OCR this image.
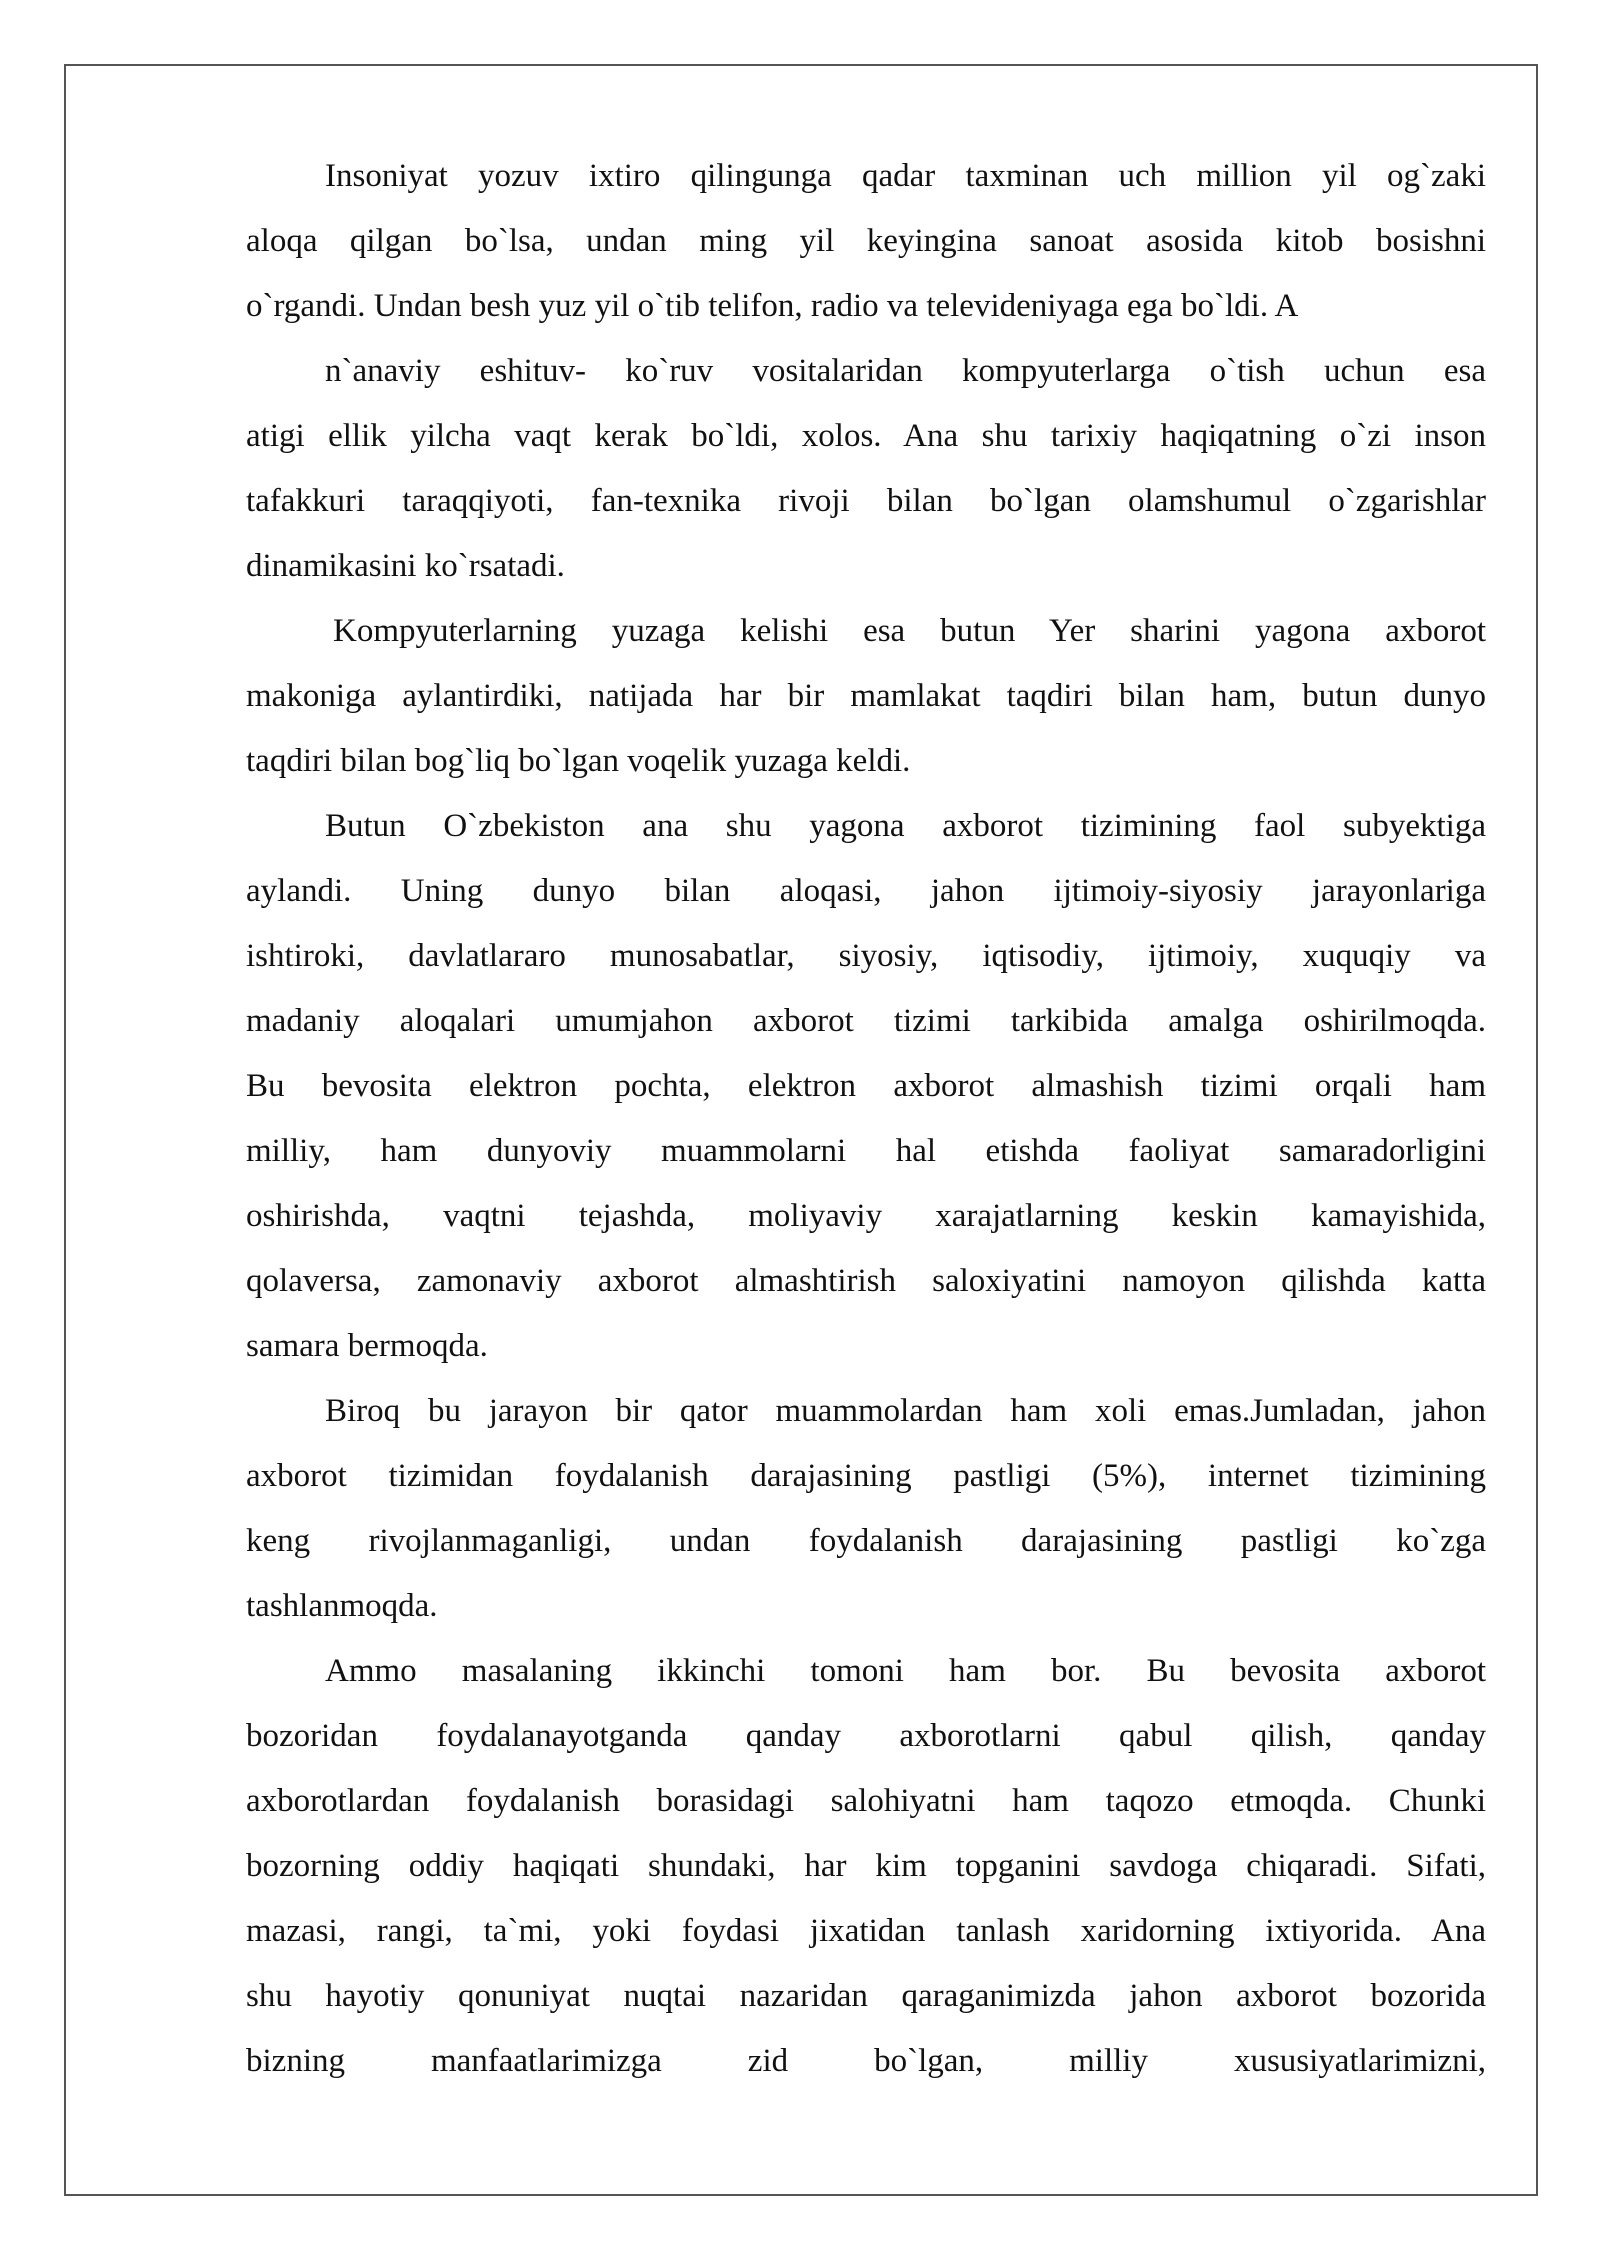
Insoniyat yozuv ixtiro qilingunga qadar taxminan uch million yil og`zaki
aloqa qilgan bo`lsa, undan ming yil keyingina sanoat asosida kitob bosishni
o`rgandi. Undan besh yuz yil o`tib telifon, radio va televideniyaga ega bo`ldi. A
n`anaviy eshituv- ko`ruv vositalaridan kompyuterlarga o`tish uchun esa
atigi ellik yilcha vaqt kerak bo`ldi, xolos. Ana shu tarixiy haqiqatning o`zi inson
tafakkuri taraqqiyoti, fan-texnika rivoji bilan bo`lgan olamshumul o`zgarishlar
dinamikasini ko`rsatadi.
Kompyuterlarning yuzaga kelishi esa butun Yer sharini yagona axborot
makoniga aylantirdiki, natijada har bir mamlakat taqdiri bilan ham, butun dunyo
taqdiri bilan bog`liq bo`lgan voqelik yuzaga keldi.
Butun O`zbekiston ana shu yagona axborot tizimining faol subyektiga
aylandi. Uning dunyo bilan aloqasi, jahon ijtimoiy-siyosiy jarayonlariga
ishtiroki, davlatlararo munosabatlar, siyosiy, iqtisodiy, ijtimoiy, xuquqiy va
madaniy aloqalari umumjahon axborot tizimi tarkibida amalga oshirilmoqda.
Bu bevosita elektron pochta, elektron axborot almashish tizimi orqali ham
milliy, ham dunyoviy muammolarni hal etishda faoliyat samaradorligini
oshirishda, vaqtni tejashda, moliyaviy xarajatlarning keskin kamayishida,
qolaversa, zamonaviy axborot almashtirish saloxiyatini namoyon qilishda katta
samara bermoqda.
Biroq bu jarayon bir qator muammolardan ham xoli emas.Jumladan, jahon
axborot tizimidan foydalanish darajasining pastligi (5%), internet tizimining
keng rivojlanmaganligi, undan foydalanish darajasining pastligi ko`zga
tashlanmoqda.
Ammo masalaning ikkinchi tomoni ham bor. Bu bevosita axborot
bozoridan foydalanayotganda qanday axborotlarni qabul qilish, qanday
axborotlardan foydalanish borasidagi salohiyatni ham taqozo etmoqda. Chunki
bozorning oddiy haqiqati shundaki, har kim topganini savdoga chiqaradi. Sifati,
mazasi, rangi, ta`mi, yoki foydasi jixatidan tanlash xaridorning ixtiyorida. Ana
shu hayotiy qonuniyat nuqtai nazaridan qaraganimizda jahon axborot bozorida
bizning manfaatlarimizga zid bo`lgan, milliy xususiyatlarimizni,
